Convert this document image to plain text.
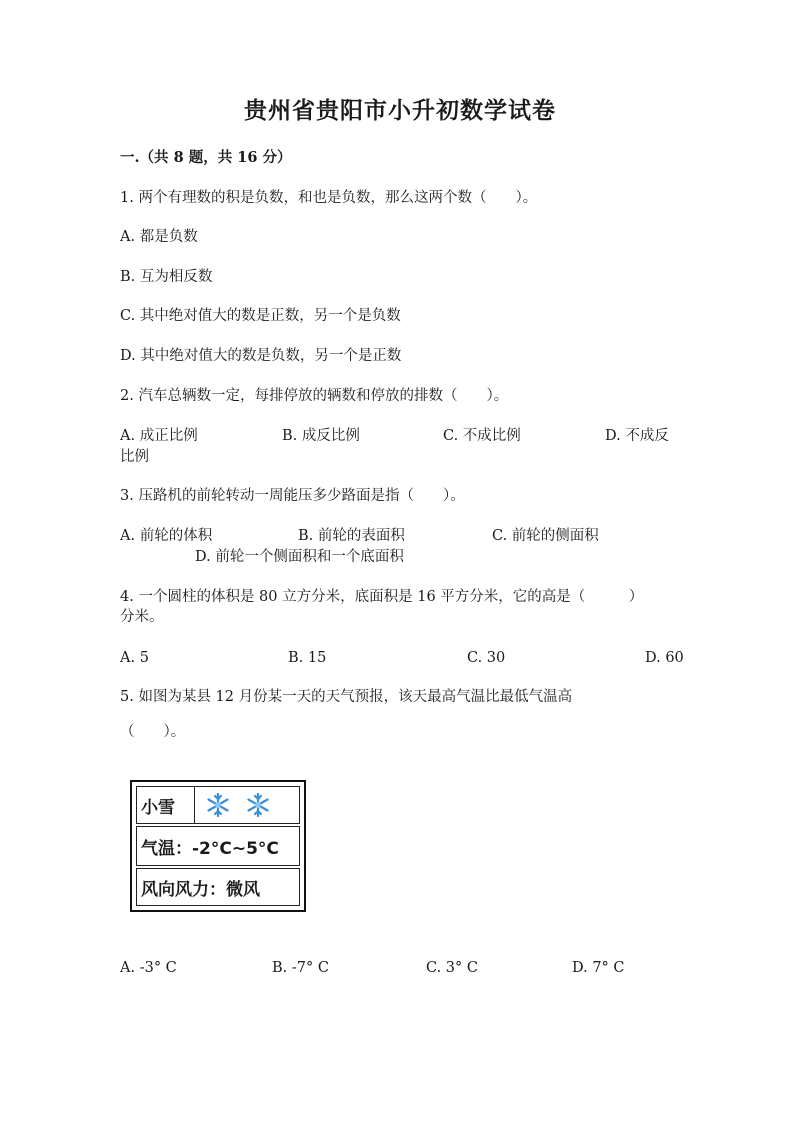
贵州省贵阳市小升初数学试卷
一.（共 8 题，共 16 分）
1. 两个有理数的积是负数，和也是负数，那么这两个数（　　）。
A. 都是负数
B. 互为相反数
C. 其中绝对值大的数是正数，另一个是负数
D. 其中绝对值大的数是负数，另一个是正数
2. 汽车总辆数一定，每排停放的辆数和停放的排数（　　）。
A. 成正比例	B. 成反比例	C. 不成比例	D. 不成反
比例
3. 压路机的前轮转动一周能压多少路面是指（　　）。
A. 前轮的体积	B. 前轮的表面积	C. 前轮的侧面积
D. 前轮一个侧面积和一个底面积
4. 一个圆柱的体积是 80 立方分米，底面积是 16 平方分米，它的高是（　　　）
分米。
A. 5	B. 15	C. 30	D. 60
5. 如图为某县 12 月份某一天的天气预报，该天最高气温比最低气温高
（　　）。
小雪
气温：-2°C~5°C
风向风力：微风
A. -3° C	B. -7° C	C. 3° C	D. 7° C
